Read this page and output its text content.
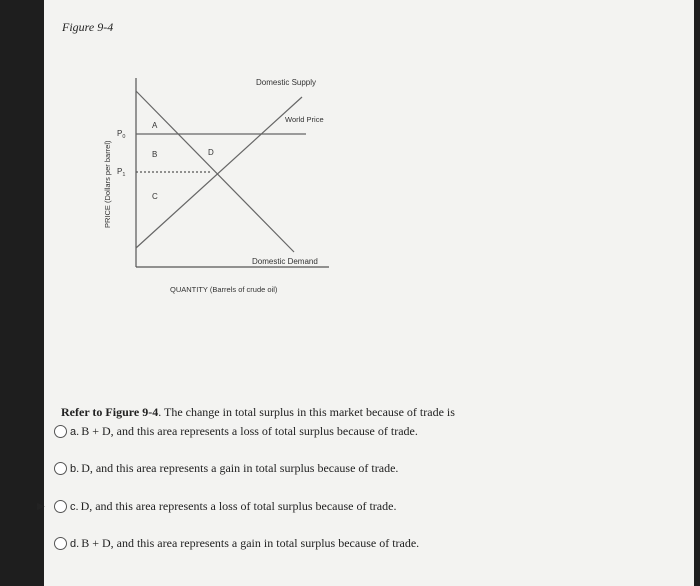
Figure 9-4
Domestic Supply
World Price
Domestic Demand
QUANTITY (Barrels of crude oil)
PRICE (Dollars per barrel)
$P_0$
$P_1$
A
B
C
D
Refer to Figure 9-4. The change in total surplus in this market because of trade is
a. B + D, and this area represents a loss of total surplus because of trade.
b. D, and this area represents a gain in total surplus because of trade.
c. D, and this area represents a loss of total surplus because of trade.
d. B + D, and this area represents a gain in total surplus because of trade.
▶
